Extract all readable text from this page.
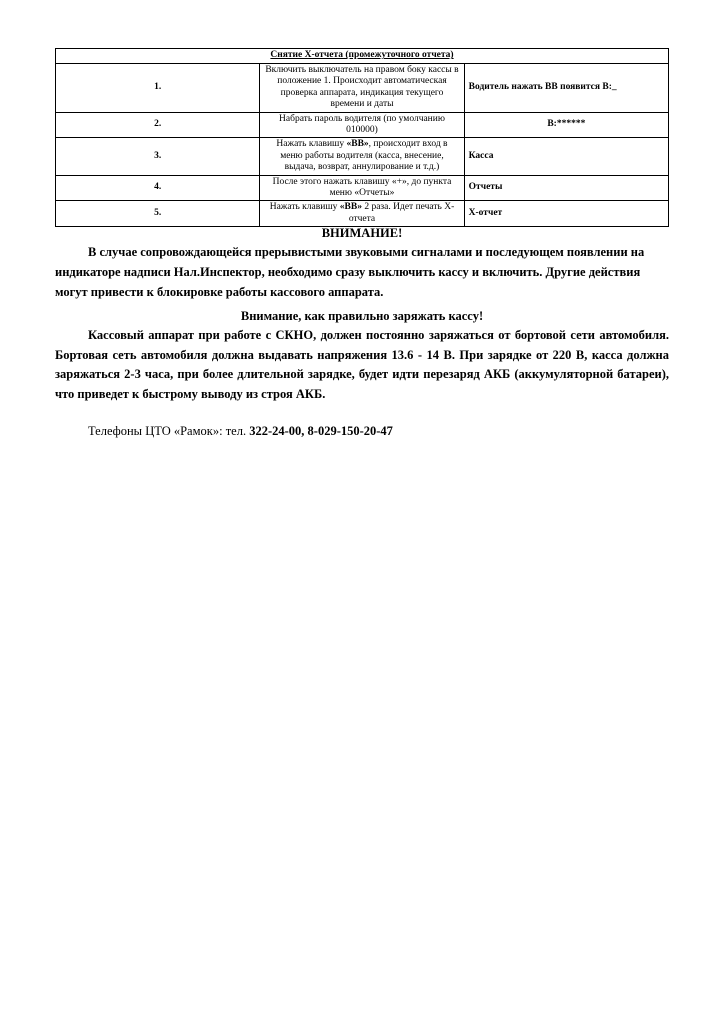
Снятие Х-отчета (промежуточного отчета)		
1.	Включить выключатель на правом боку кассы в положение 1. Происходит автоматическая проверка аппарата, индикация текущего времени и даты	Водитель нажать ВВ появится В:_
2.	Набрать пароль водителя (по умолчанию 010000)	В:******
3.	Нажать клавишу «ВВ», происходит вход в меню работы водителя (касса, внесение, выдача, возврат, аннулирование и т.д.)	Касса
4.	После этого нажать клавишу «+», до пункта меню «Отчеты»	Отчеты
5.	Нажать клавишу «ВВ» 2 раза. Идет печать Х-отчета	Х-отчет
ВНИМАНИЕ!

В случае сопровождающейся прерывистыми звуковыми сигналами и последующем появлении на индикаторе надписи Нал.Инспектор, необходимо сразу выключить кассу и включить. Другие действия могут привести к блокировке работы кассового аппарата.

Внимание, как правильно заряжать кассу!

Кассовый аппарат при работе с СКНО, должен постоянно заряжаться от бортовой сети автомобиля. Бортовая сеть автомобиля должна выдавать напряжения 13.6 - 14 В. При зарядке от 220 В, касса должна заряжаться 2-3 часа, при более длительной зарядке, будет идти перезаряд АКБ (аккумуляторной батареи), что приведет к быстрому выводу из строя АКБ.

Телефоны ЦТО «Рамок»: тел. 322-24-00, 8-029-150-20-47
